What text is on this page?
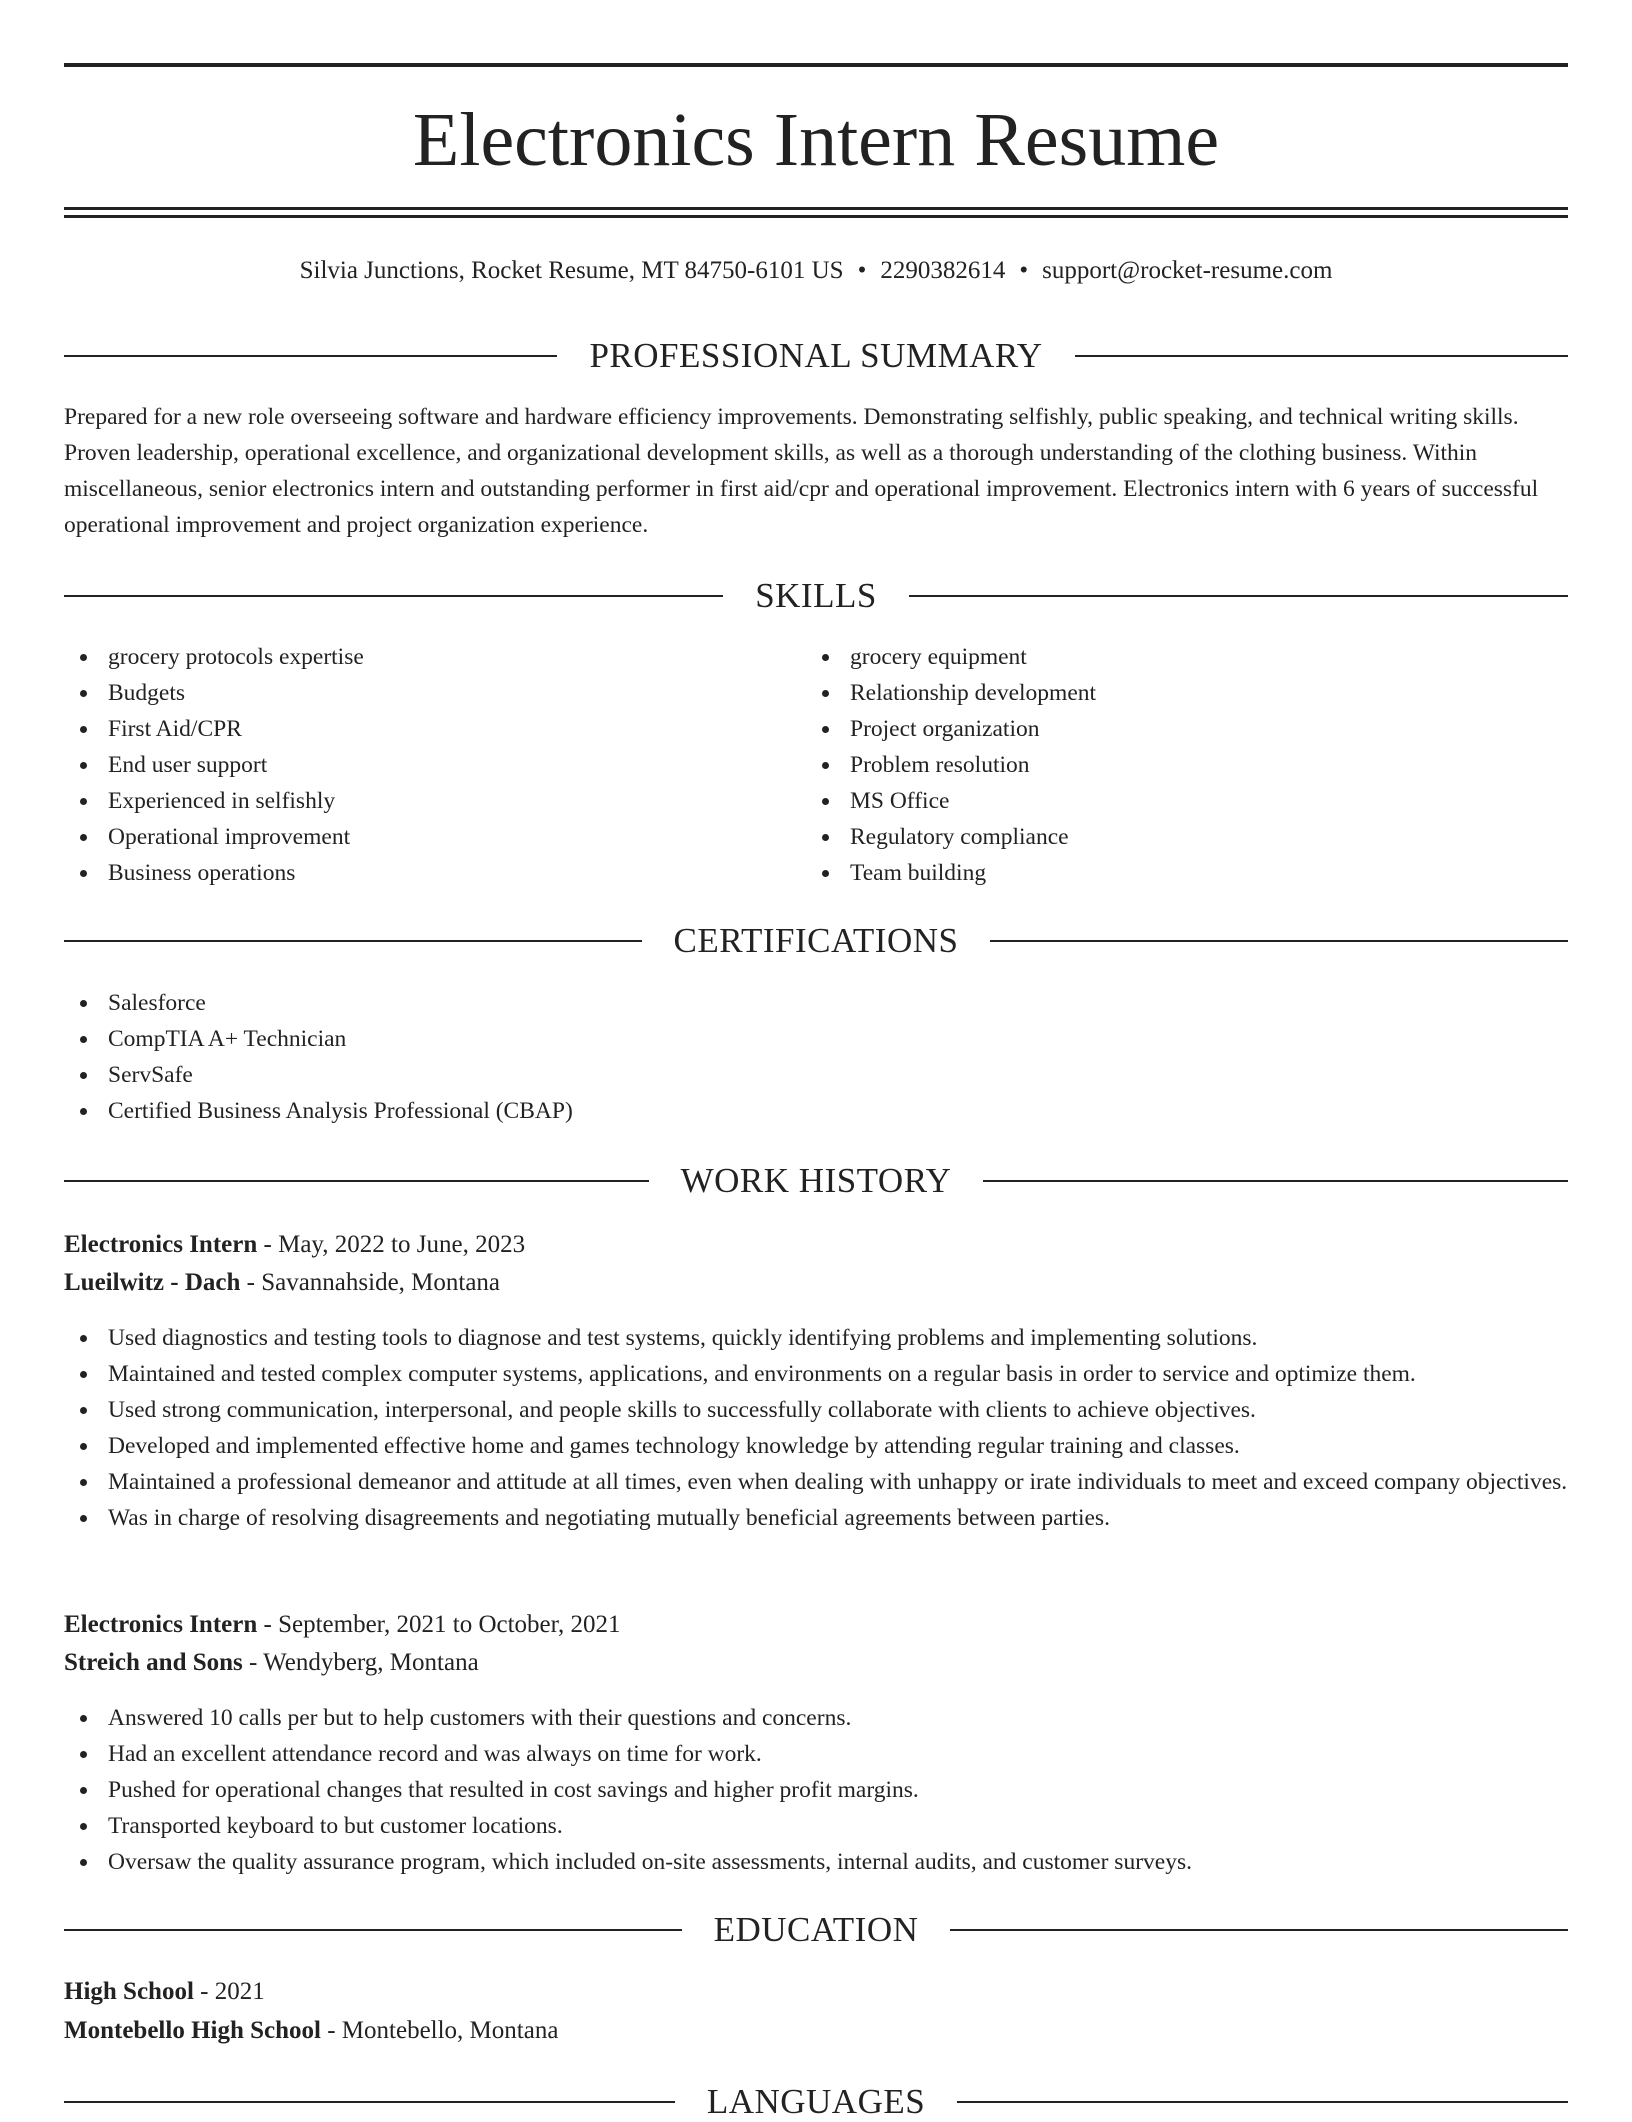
Electronics Intern Resume
Silvia Junctions, Rocket Resume, MT 84750-6101 US • 2290382614 • support@rocket-resume.com
PROFESSIONAL SUMMARY

Prepared for a new role overseeing software and hardware efficiency improvements. Demonstrating selfishly, public speaking, and technical writing skills. Proven leadership, operational excellence, and organizational development skills, as well as a thorough understanding of the clothing business. Within miscellaneous, senior electronics intern and outstanding performer in first aid/cpr and operational improvement. Electronics intern with 6 years of successful operational improvement and project organization experience.

SKILLS
grocery protocols expertise
Budgets
First Aid/CPR
End user support
Experienced in selfishly
Operational improvement
Business operations
grocery equipment
Relationship development
Project organization
Problem resolution
MS Office
Regulatory compliance
Team building
CERTIFICATIONS
Salesforce
CompTIA A+ Technician
ServSafe
Certified Business Analysis Professional (CBAP)
WORK HISTORY
Electronics Intern - May, 2022 to June, 2023
Lueilwitz - Dach - Savannahside, Montana
Used diagnostics and testing tools to diagnose and test systems, quickly identifying problems and implementing solutions.
Maintained and tested complex computer systems, applications, and environments on a regular basis in order to service and optimize them.
Used strong communication, interpersonal, and people skills to successfully collaborate with clients to achieve objectives.
Developed and implemented effective home and games technology knowledge by attending regular training and classes.
Maintained a professional demeanor and attitude at all times, even when dealing with unhappy or irate individuals to meet and exceed company objectives.
Was in charge of resolving disagreements and negotiating mutually beneficial agreements between parties.
Electronics Intern - September, 2021 to October, 2021
Streich and Sons - Wendyberg, Montana
Answered 10 calls per but to help customers with their questions and concerns.
Had an excellent attendance record and was always on time for work.
Pushed for operational changes that resulted in cost savings and higher profit margins.
Transported keyboard to but customer locations.
Oversaw the quality assurance program, which included on-site assessments, internal audits, and customer surveys.
EDUCATION
High School - 2021
Montebello High School - Montebello, Montana
LANGUAGES
